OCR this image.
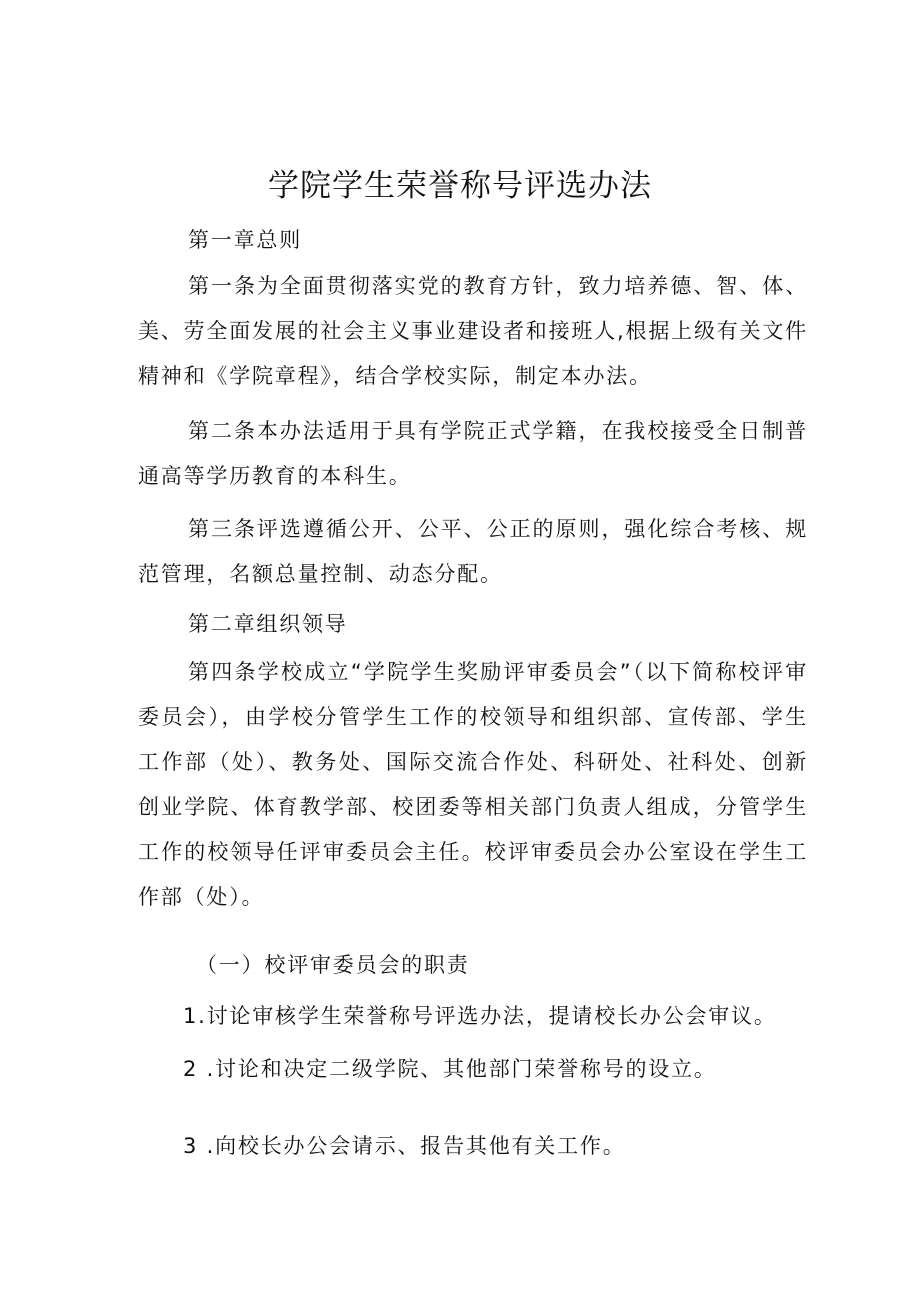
学院学生荣誉称号评选办法

第一章总则

第一条为全面贯彻落实党的教育方针，致力培养德、智、体、美、劳全面发展的社会主义事业建设者和接班人,根据上级有关文件精神和《学院章程》，结合学校实际，制定本办法。

第二条本办法适用于具有学院正式学籍，在我校接受全日制普通高等学历教育的本科生。

第三条评选遵循公开、公平、公正的原则，强化综合考核、规范管理，名额总量控制、动态分配。

第二章组织领导

第四条学校成立“学院学生奖励评审委员会”（以下简称校评审委员会），由学校分管学生工作的校领导和组织部、宣传部、学生工作部（处）、教务处、国际交流合作处、科研处、社科处、创新创业学院、体育教学部、校团委等相关部门负责人组成，分管学生工作的校领导任评审委员会主任。校评审委员会办公室设在学生工作部（处）。

（一）校评审委员会的职责

1.讨论审核学生荣誉称号评选办法，提请校长办公会审议。

2 .讨论和决定二级学院、其他部门荣誉称号的设立。

3 .向校长办公会请示、报告其他有关工作。
